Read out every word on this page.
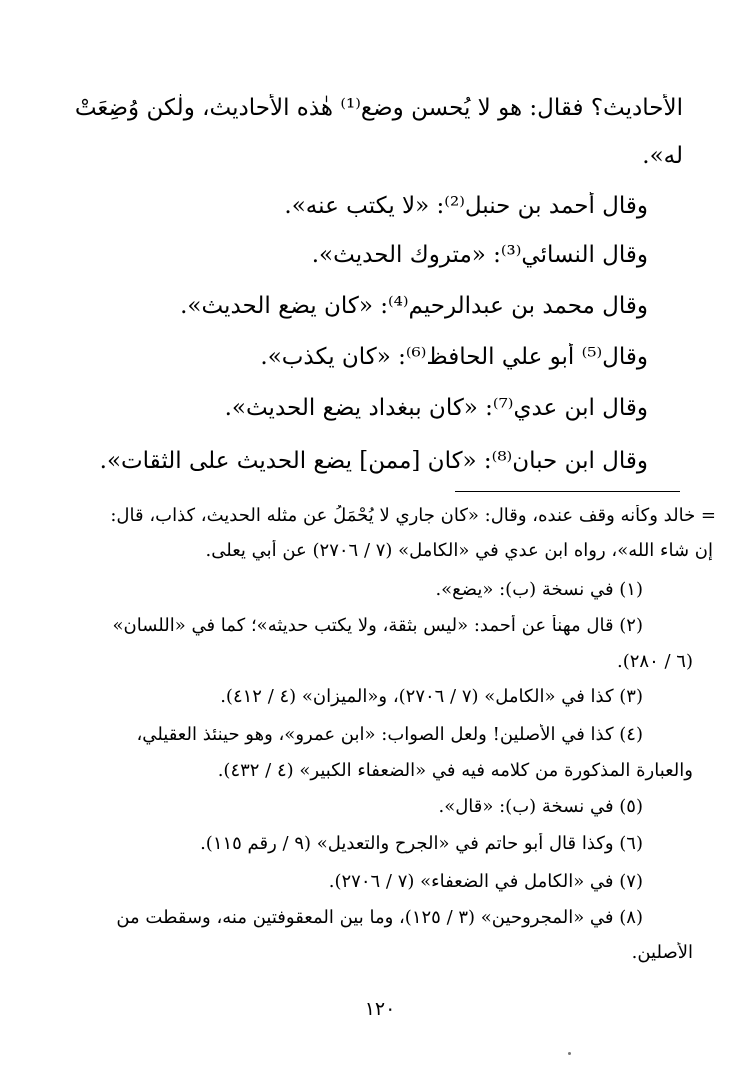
الأحاديث؟ فقال: هو لا يُحسن وضع⁽¹⁾ هٰذه الأحاديث، ولٰكن وُضِعَتْ
له».
وقال أحمد بن حنبل⁽²⁾: «لا يكتب عنه».
وقال النسائي⁽³⁾: «متروك الحديث».
وقال محمد بن عبدالرحيم⁽⁴⁾: «كان يضع الحديث».
وقال⁽⁵⁾ أبو علي الحافظ⁽⁶⁾: «كان يكذب».
وقال ابن عدي⁽⁷⁾: «كان ببغداد يضع الحديث».
وقال ابن حبان⁽⁸⁾: «كان [ممن] يضع الحديث على الثقات».
= خالد وكأنه وقف عنده، وقال: «كان جاري لا يُحْمَلُ عن مثله الحديث، كذاب، قال:
إن شاء الله»، رواه ابن عدي في «الكامل» (٧ / ٢٧٠٦) عن أبي يعلى.
(١) في نسخة (ب): «يضع».
(٢) قال مهنأ عن أحمد: «ليس بثقة، ولا يكتب حديثه»؛ كما في «اللسان»
(٦ / ٢٨٠).
(٣) كذا في «الكامل» (٧ / ٢٧٠٦)، و«الميزان» (٤ / ٤١٢).
(٤) كذا في الأصلين! ولعل الصواب: «ابن عمرو»، وهو حينئذ العقيلي،
والعبارة المذكورة من كلامه فيه في «الضعفاء الكبير» (٤ / ٤٣٢).
(٥) في نسخة (ب): «قال».
(٦) وكذا قال أبو حاتم في «الجرح والتعديل» (٩ / رقم ١١٥).
(٧) في «الكامل في الضعفاء» (٧ / ٢٧٠٦).
(٨) في «المجروحين» (٣ / ١٢٥)، وما بين المعقوفتين منه، وسقطت من
الأصلين.
١٢٠
